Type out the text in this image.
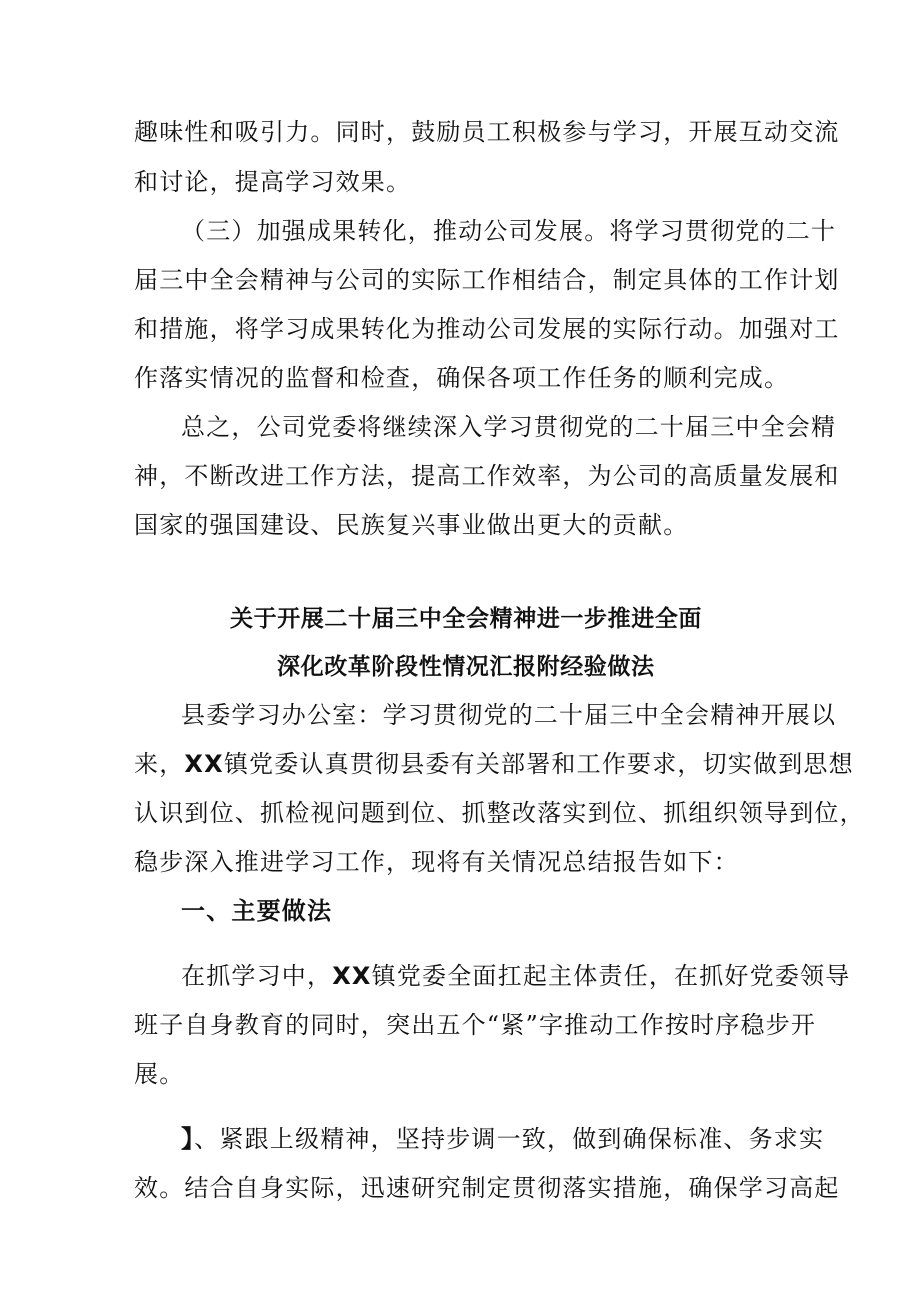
趣味性和吸引力。同时，鼓励员工积极参与学习，开展互动交流
和讨论，提高学习效果。
（三）加强成果转化，推动公司发展。将学习贯彻党的二十
届三中全会精神与公司的实际工作相结合，制定具体的工作计划
和措施，将学习成果转化为推动公司发展的实际行动。加强对工
作落实情况的监督和检查，确保各项工作任务的顺利完成。
总之，公司党委将继续深入学习贯彻党的二十届三中全会精
神，不断改进工作方法，提高工作效率，为公司的高质量发展和
国家的强国建设、民族复兴事业做出更大的贡献。
关于开展二十届三中全会精神进一步推进全面
深化改革阶段性情况汇报附经验做法
县委学习办公室：学习贯彻党的二十届三中全会精神开展以
来，XX镇党委认真贯彻县委有关部署和工作要求，切实做到思想
认识到位、抓检视问题到位、抓整改落实到位、抓组织领导到位，
稳步深入推进学习工作，现将有关情况总结报告如下：
一、主要做法
在抓学习中，XX镇党委全面扛起主体责任，在抓好党委领导
班子自身教育的同时，突出五个“紧”字推动工作按时序稳步开
展。
】、紧跟上级精神，坚持步调一致，做到确保标准、务求实
效。结合自身实际，迅速研究制定贯彻落实措施，确保学习高起
